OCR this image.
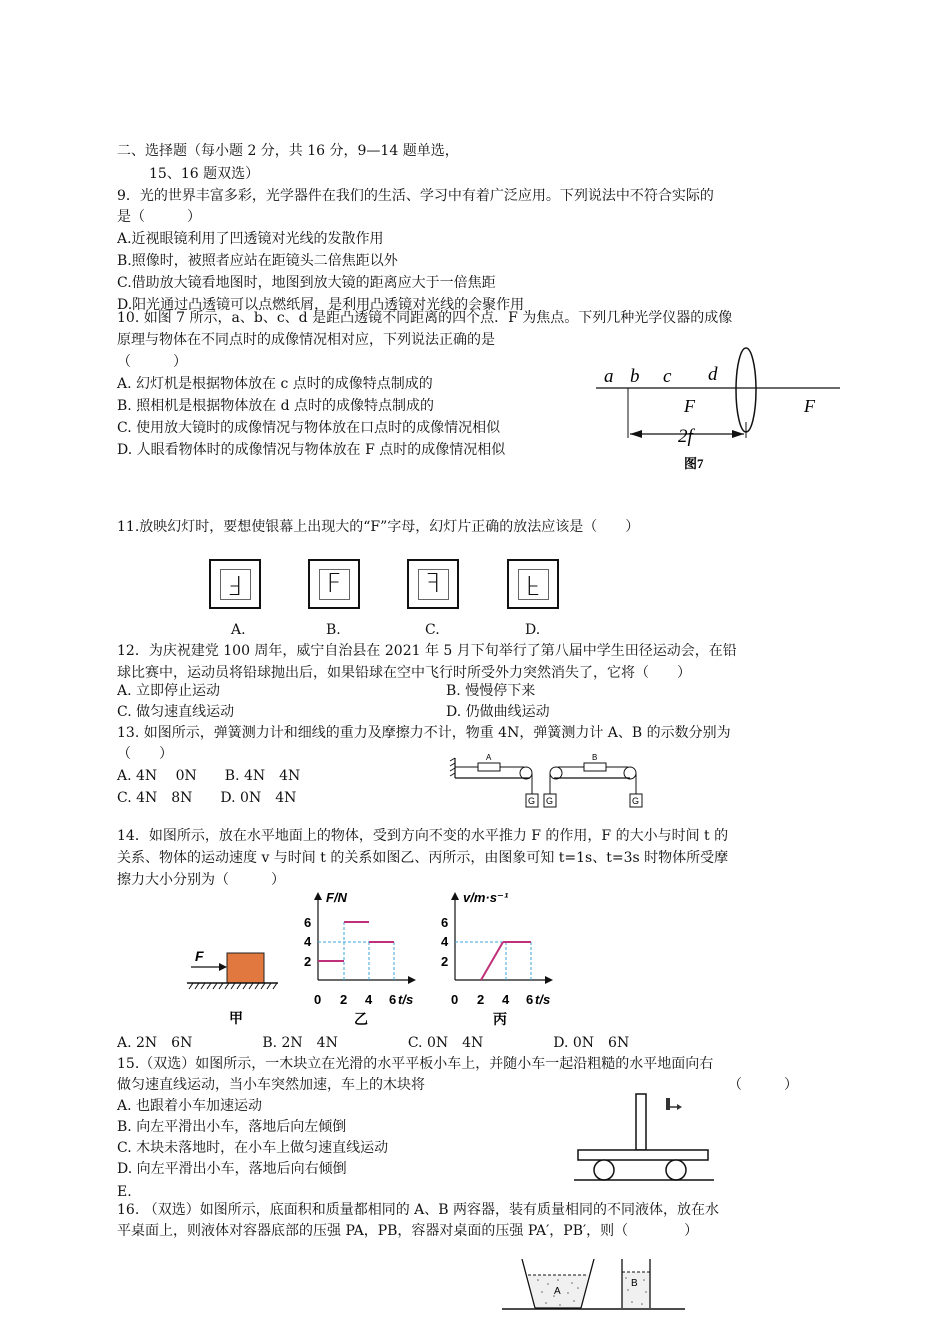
二、选择题（每小题 2 分，共 16 分，9—14 题单选，
15、16 题双选）
9．光的世界丰富多彩，光学器件在我们的生活、学习中有着广泛应用。下列说法中不符合实际的
是（　　　）
A.近视眼镜利用了凹透镜对光线的发散作用
B.照像时，被照者应站在距镜头二倍焦距以外
C.借助放大镜看地图时，地图到放大镜的距离应大于一倍焦距
D.阳光通过凸透镜可以点燃纸屑，是利用凸透镜对光线的会聚作用
10. 如图 7 所示，a、b、c、d 是距凸透镜不同距离的四个点．F 为焦点。下列几种光学仪器的成像
原理与物体在不同点时的成像情况相对应，下列说法正确的是
（　　　）
A. 幻灯机是根据物体放在 c 点时的成像特点制成的
B. 照相机是根据物体放在 d 点时的成像特点制成的
C. 使用放大镜时的成像情况与物体放在口点时的成像情况相似
D. 人眼看物体时的成像情况与物体放在 F 点时的成像情况相似
a b c d
F	F
2f
图7
11.放映幻灯时，要想使银幕上出现大的“F”字母，幻灯片正确的放法应该是（　　）
F	F	F	F
A.	B.	C.	D.
12．为庆祝建党 100 周年，威宁自治县在 2021 年 5 月下旬举行了第八届中学生田径运动会，在铅
球比赛中，运动员将铅球抛出后，如果铅球在空中飞行时所受外力突然消失了，它将（　　）
A. 立即停止运动	B. 慢慢停下来
C. 做匀速直线运动	D. 仍做曲线运动
13. 如图所示，弹簧测力计和细线的重力及摩擦力不计，物重 4N，弹簧测力计 A、B 的示数分别为
（　　）
A. 4N　 0N　　B. 4N　4N
C. 4N　8N　　D. 0N　4N
A
G G
B
G
14．如图所示，放在水平地面上的物体，受到方向不变的水平推力 F 的作用，F 的大小与时间 t 的
关系、物体的运动速度 v 与时间 t 的关系如图乙、丙所示，由图象可知 t=1s、t=3s 时物体所受摩
擦力大小分别为（　　　）
F
甲
F/N
t/s
6
4
2
0 2 4 6
乙
v/m·s⁻¹
t/s
6
4
2
0 2 4 6
丙
A. 2N　6N　　　　　B. 2N　4N　　　　　C. 0N　4N　　　　　D. 0N　6N
15.（双选）如图所示，一木块立在光滑的水平平板小车上，并随小车一起沿粗糙的水平地面向右
做匀速直线运动，当小车突然加速，车上的木块将	（　　　）
A. 也跟着小车加速运动
B. 向左平滑出小车，落地后向左倾倒
C. 木块未落地时，在小车上做匀速直线运动
D. 向左平滑出小车，落地后向右倾倒
E.
16. （双选）如图所示，底面积和质量都相同的 A、B 两容器，装有质量相同的不同液体，放在水
平桌面上，则液体对容器底部的压强 PA，PB，容器对桌面的压强 PA′，PB′，则（　　　　）
A
B
